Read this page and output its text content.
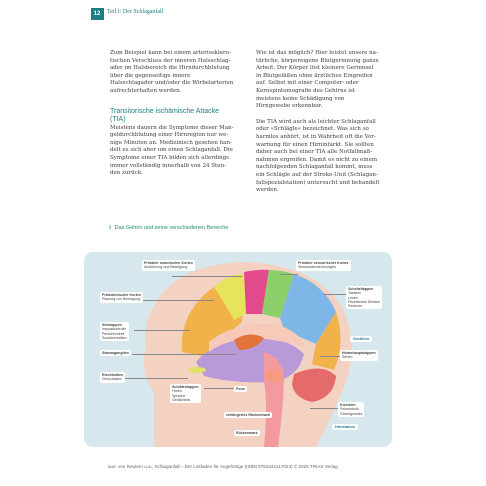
12	Teil I: Der Schlaganfall

Zum Beispiel kann bei einem arteriosklerotischen Verschluss der inneren Halsschlagader im Halsbereich die Hirndurchblutung über die gegenseitige innere Halsschlagader und/oder die Wirbelarterien aufrechterhalten werden.

Transitorische ischämische Attacke (TIA)

Meistens dauern die Symptome dieser Mangeldurchblutung einer Hirnregion nur wenige Minuten an. Medizinisch gesehen handelt es sich aber um einen Schlaganfall. Die Symptome einer TIA bilden sich allerdings immer vollständig innerhalb von 24 Stunden zurück.

Wie ist das möglich? Hier leistet unsere natürliche, körpereigene Blutgerinnung ganze Arbeit. Der Körper löst kleinere Gerinnsel in Blutgefäßen ohne ärztliches Eingreifen auf. Selbst mit einer Computer- oder Kernspintomografie des Gehirns ist meistens keine Schädigung von Hirngewebe erkennbar.

Die TIA wird auch als leichter Schlaganfall oder »Schlägle« bezeichnet. Was sich so harmlos anhört, ist in Wahrheit oft die Vorwarnung für einen Hirninfarkt. Sie sollten daher auch bei einer TIA alle Notfallmaßnahmen ergreifen. Damit es nicht zu einem nachfolgenden Schlaganfall kommt, muss ein Schlägle auf der Stroke-Unit (Schlaganfallspezialstation) untersucht und behandelt werden.

⇩ Das Gehirn und seine verschiedenen Bereiche
Primärer motorischer Kortex
Ausführung und Bewegung
Primärer sensorischer Kortex
Sinneswahrnehmungen
Prämotorischer Kortex
Planung von Bewegung
Scheitellappen
Tastsinn
Lesen
Räumliches Denken
Rechnen
Stirnlappen
Impulskontrolle
Persönlichkeit
Sozialverhalten
Stammganglien
Riechkolben
Geruchssinn
Schläfenlappen
Hören
Sprache
Gedächtnis
Pons
verlängertes Rückenmark
Rückenmark
Hinterhauptslappen
Sehen
Kleinhirn
Feinmotorik
Gleichgewicht
Großhirn
Hirnstamm
aus: von Reutern u.a., Schlaganfall – Der Leitfaden für Angehörige (ISBN 9783432117023) © 2025 TRIAS Verlag
